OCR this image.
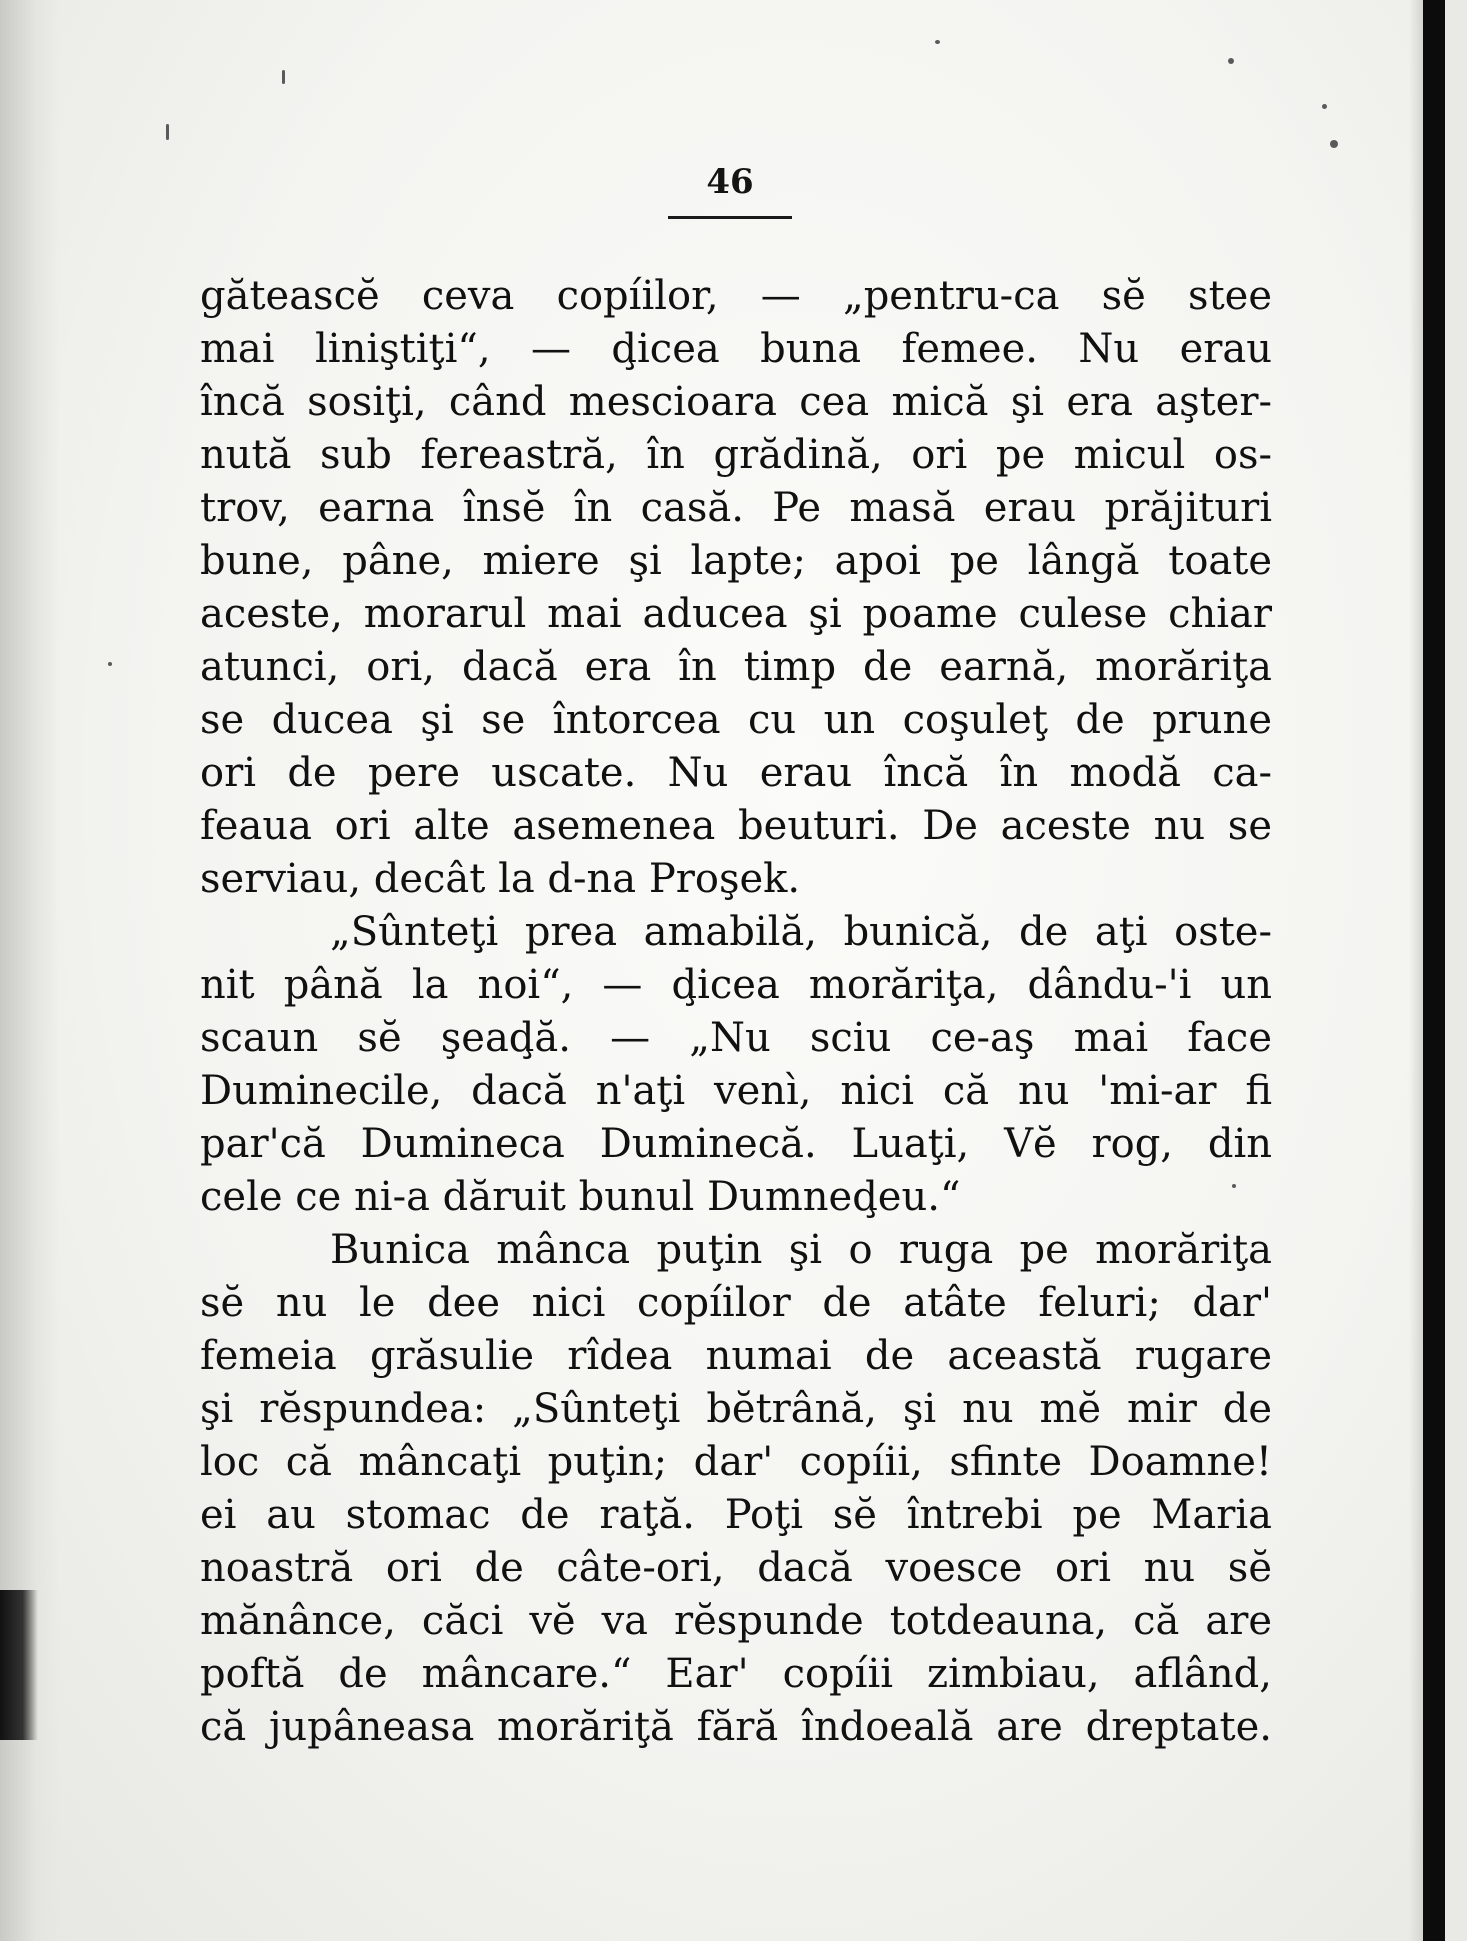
46
găteascĕ ceva copíilor, — „pentru-ca sĕ stee
mai liniştiţi“, — ḑicea buna femee. Nu erau
încă sosiţi, când mescioara cea mică şi era aşter-
nută sub fereastră, în grădină, ori pe micul os-
trov, earna însĕ în casă. Pe masă erau prăjituri
bune, pâne, miere şi lapte; apoi pe lângă toate
aceste, morarul mai aducea şi poame culese chiar
atunci, ori, dacă era în timp de earnă, morăriţa
se ducea şi se întorcea cu un coşuleţ de prune
ori de pere uscate. Nu erau încă în modă ca-
feaua ori alte asemenea beuturi. De aceste nu se
serviau, decât la d-na Proşek.
„Sûnteţi prea amabilă, bunică, de aţi oste-
nit până la noi“, — ḑicea morăriţa, dându-'i un
scaun sĕ şeaḑă. — „Nu sciu ce-aş mai face
Duminecile, dacă n'aţi venì, nici că nu 'mi-ar fi
par'că Dumineca Duminecă. Luaţi, Vĕ rog, din
cele ce ni-a dăruit bunul Dumneḑeu.“
Bunica mânca puţin şi o ruga pe morăriţa
sĕ nu le dee nici copíilor de atâte feluri; dar'
femeia grăsulie rîdea numai de această rugare
şi rĕspundea: „Sûnteţi bĕtrână, şi nu mĕ mir de
loc că mâncaţi puţin; dar' copíii, sfinte Doamne!
ei au stomac de raţă. Poţi sĕ întrebi pe Maria
noastră ori de câte-ori, dacă voesce ori nu sĕ
mănânce, căci vĕ va rĕspunde totdeauna, că are
poftă de mâncare.“ Ear' copíii zimbiau, aflând,
că jupâneasa morăriţă fără îndoeală are dreptate.
